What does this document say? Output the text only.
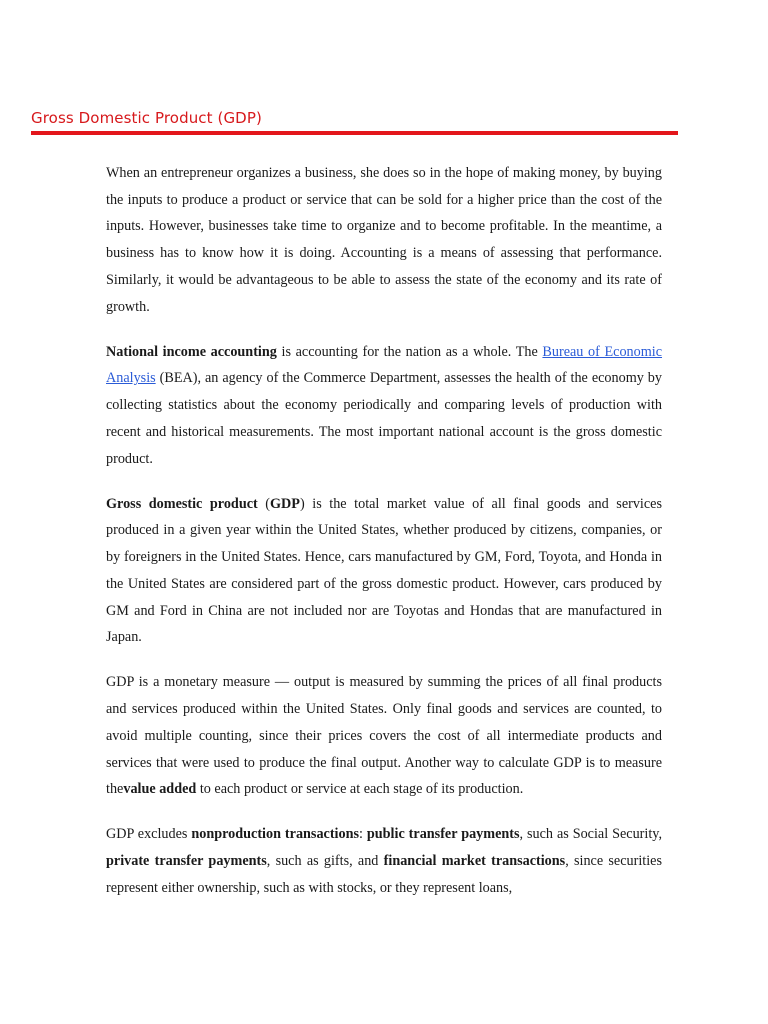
Gross Domestic Product (GDP)

When an entrepreneur organizes a business, she does so in the hope of making money, by buying the inputs to produce a product or service that can be sold for a higher price than the cost of the inputs. However, businesses take time to organize and to become profitable. In the meantime, a business has to know how it is doing. Accounting is a means of assessing that performance. Similarly, it would be advantageous to be able to assess the state of the economy and its rate of growth.

National income accounting is accounting for the nation as a whole. The Bureau of Economic Analysis (BEA), an agency of the Commerce Department, assesses the health of the economy by collecting statistics about the economy periodically and comparing levels of production with recent and historical measurements. The most important national account is the gross domestic product.

Gross domestic product (GDP) is the total market value of all final goods and services produced in a given year within the United States, whether produced by citizens, companies, or by foreigners in the United States. Hence, cars manufactured by GM, Ford, Toyota, and Honda in the United States are considered part of the gross domestic product. However, cars produced by GM and Ford in China are not included nor are Toyotas and Hondas that are manufactured in Japan.

GDP is a monetary measure — output is measured by summing the prices of all final products and services produced within the United States. Only final goods and services are counted, to avoid multiple counting, since their prices covers the cost of all intermediate products and services that were used to produce the final output. Another way to calculate GDP is to measure thevalue added to each product or service at each stage of its production.

GDP excludes nonproduction transactions: public transfer payments, such as Social Security, private transfer payments, such as gifts, and financial market transactions, since securities represent either ownership, such as with stocks, or they represent loans,
